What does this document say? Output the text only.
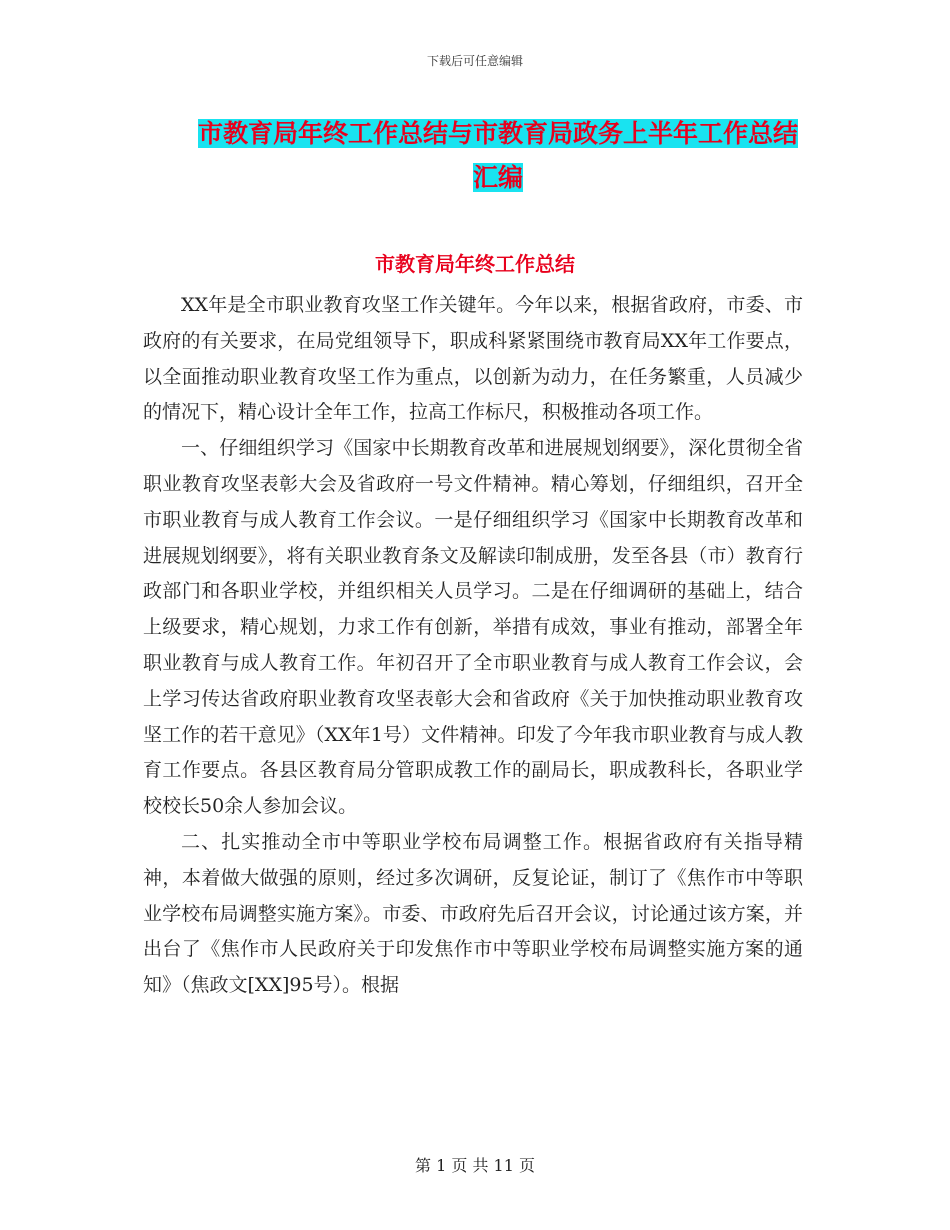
下载后可任意编辑
市教育局年终工作总结与市教育局政务上半年工作总结汇编
市教育局年终工作总结

XX年是全市职业教育攻坚工作关键年。今年以来，根据省政府，市委、市政府的有关要求，在局党组领导下，职成科紧紧围绕市教育局XX年工作要点，以全面推动职业教育攻坚工作为重点，以创新为动力，在任务繁重，人员减少的情况下，精心设计全年工作，拉高工作标尺，积极推动各项工作。

一、仔细组织学习《国家中长期教育改革和进展规划纲要》，深化贯彻全省职业教育攻坚表彰大会及省政府一号文件精神。精心筹划，仔细组织，召开全市职业教育与成人教育工作会议。一是仔细组织学习《国家中长期教育改革和进展规划纲要》，将有关职业教育条文及解读印制成册，发至各县（市）教育行政部门和各职业学校，并组织相关人员学习。二是在仔细调研的基础上，结合上级要求，精心规划，力求工作有创新，举措有成效，事业有推动，部署全年职业教育与成人教育工作。年初召开了全市职业教育与成人教育工作会议，会上学习传达省政府职业教育攻坚表彰大会和省政府《关于加快推动职业教育攻坚工作的若干意见》（XX年1号）文件精神。印发了今年我市职业教育与成人教育工作要点。各县区教育局分管职成教工作的副局长，职成教科长，各职业学校校长50余人参加会议。

二、扎实推动全市中等职业学校布局调整工作。根据省政府有关指导精神，本着做大做强的原则，经过多次调研，反复论证，制订了《焦作市中等职业学校布局调整实施方案》。市委、市政府先后召开会议，讨论通过该方案，并出台了《焦作市人民政府关于印发焦作市中等职业学校布局调整实施方案的通知》（焦政文[XX]95号）。根据

第 1 页 共 11 页
